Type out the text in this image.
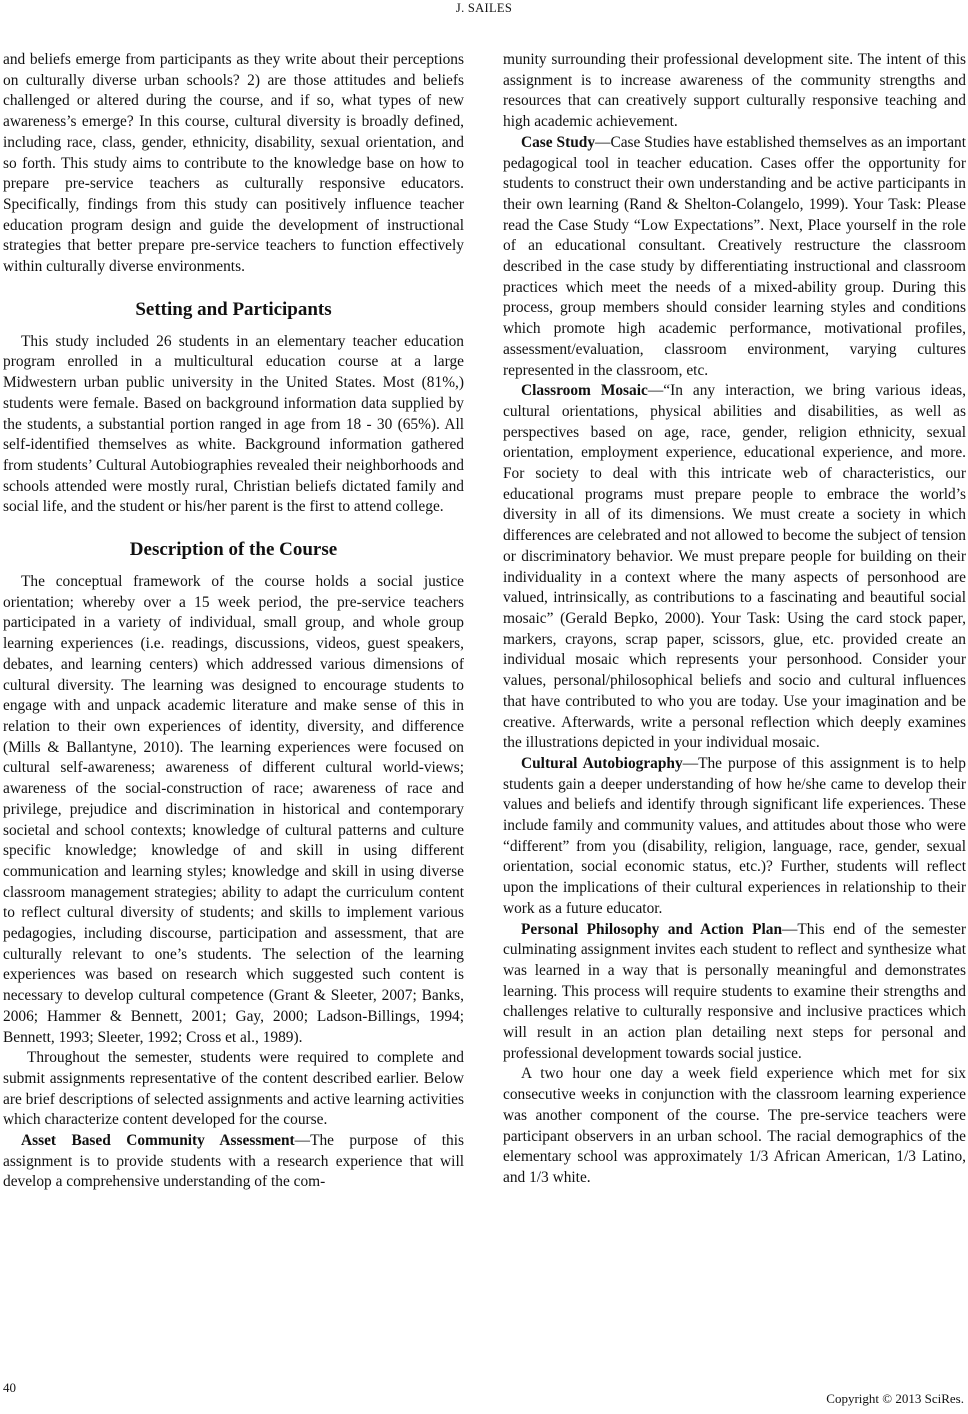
J. SAILES

and beliefs emerge from participants as they write about their perceptions on culturally diverse urban schools? 2) are those attitudes and beliefs challenged or altered during the course, and if so, what types of new awareness’s emerge? In this course, cultural diversity is broadly defined, including race, class, gender, ethnicity, disability, sexual orientation, and so forth. This study aims to contribute to the knowledge base on how to prepare pre-service teachers as culturally responsive educators. Specifically, findings from this study can positively influence teacher education program design and guide the development of instructional strategies that better prepare pre-service teachers to function effectively within culturally diverse environments.

Setting and Participants

This study included 26 students in an elementary teacher education program enrolled in a multicultural education course at a large Midwestern urban public university in the United States. Most (81%,) students were female. Based on background information data supplied by the students, a substantial portion ranged in age from 18 - 30 (65%). All self-identified themselves as white. Background information gathered from students’ Cultural Autobiographies revealed their neighborhoods and schools attended were mostly rural, Christian beliefs dictated family and social life, and the student or his/her parent is the first to attend college.

Description of the Course

The conceptual framework of the course holds a social justice orientation; whereby over a 15 week period, the pre-service teachers participated in a variety of individual, small group, and whole group learning experiences (i.e. readings, discussions, videos, guest speakers, debates, and learning centers) which addressed various dimensions of cultural diversity. The learning was designed to encourage students to engage with and unpack academic literature and make sense of this in relation to their own experiences of identity, diversity, and difference (Mills & Ballantyne, 2010). The learning experiences were focused on cultural self-awareness; awareness of different cultural world-views; awareness of the social-construction of race; awareness of race and privilege, prejudice and discrimination in historical and contemporary societal and school contexts; knowledge of cultural patterns and culture specific knowledge; knowledge of and skill in using different communication and learning styles; knowledge and skill in using diverse classroom management strategies; ability to adapt the curriculum content to reflect cultural diversity of students; and skills to implement various pedagogies, including discourse, participation and assessment, that are culturally relevant to one’s students. The selection of the learning experiences was based on research which suggested such content is necessary to develop cultural competence (Grant & Sleeter, 2007; Banks, 2006; Hammer & Bennett, 2001; Gay, 2000; Ladson-Billings, 1994; Bennett, 1993; Sleeter, 1992; Cross et al., 1989).

Throughout the semester, students were required to complete and submit assignments representative of the content described earlier. Below are brief descriptions of selected assignments and active learning activities which characterize content developed for the course.

Asset Based Community Assessment—The purpose of this assignment is to provide students with a research experience that will develop a comprehensive understanding of the com-

munity surrounding their professional development site. The intent of this assignment is to increase awareness of the community strengths and resources that can creatively support culturally responsive teaching and high academic achievement.

Case Study—Case Studies have established themselves as an important pedagogical tool in teacher education. Cases offer the opportunity for students to construct their own understanding and be active participants in their own learning (Rand & Shelton-Colangelo, 1999). Your Task: Please read the Case Study “Low Expectations”. Next, Place yourself in the role of an educational consultant. Creatively restructure the classroom described in the case study by differentiating instructional and classroom practices which meet the needs of a mixed-ability group. During this process, group members should consider learning styles and conditions which promote high academic performance, motivational profiles, assessment/evaluation, classroom environment, varying cultures represented in the classroom, etc.

Classroom Mosaic—“In any interaction, we bring various ideas, cultural orientations, physical abilities and disabilities, as well as perspectives based on age, race, gender, religion ethnicity, sexual orientation, employment experience, educational experience, and more. For society to deal with this intricate web of characteristics, our educational programs must prepare people to embrace the world’s diversity in all of its dimensions. We must create a society in which differences are celebrated and not allowed to become the subject of tension or discriminatory behavior. We must prepare people for building on their individuality in a context where the many aspects of personhood are valued, intrinsically, as contributions to a fascinating and beautiful social mosaic” (Gerald Bepko, 2000). Your Task: Using the card stock paper, markers, crayons, scrap paper, scissors, glue, etc. provided create an individual mosaic which represents your personhood. Consider your values, personal/philosophical beliefs and socio and cultural influences that have contributed to who you are today. Use your imagination and be creative. Afterwards, write a personal reflection which deeply examines the illustrations depicted in your individual mosaic.

Cultural Autobiography—The purpose of this assignment is to help students gain a deeper understanding of how he/she came to develop their values and beliefs and identify through significant life experiences. These include family and community values, and attitudes about those who were “different” from you (disability, religion, language, race, gender, sexual orientation, social economic status, etc.)? Further, students will reflect upon the implications of their cultural experiences in relationship to their work as a future educator.

Personal Philosophy and Action Plan—This end of the semester culminating assignment invites each student to reflect and synthesize what was learned in a way that is personally meaningful and demonstrates learning. This process will require students to examine their strengths and challenges relative to culturally responsive and inclusive practices which will result in an action plan detailing next steps for personal and professional development towards social justice.

A two hour one day a week field experience which met for six consecutive weeks in conjunction with the classroom learning experience was another component of the course. The pre-service teachers were participant observers in an urban school. The racial demographics of the elementary school was approximately 1/3 African American, 1/3 Latino, and 1/3 white.

40
Copyright © 2013 SciRes.
